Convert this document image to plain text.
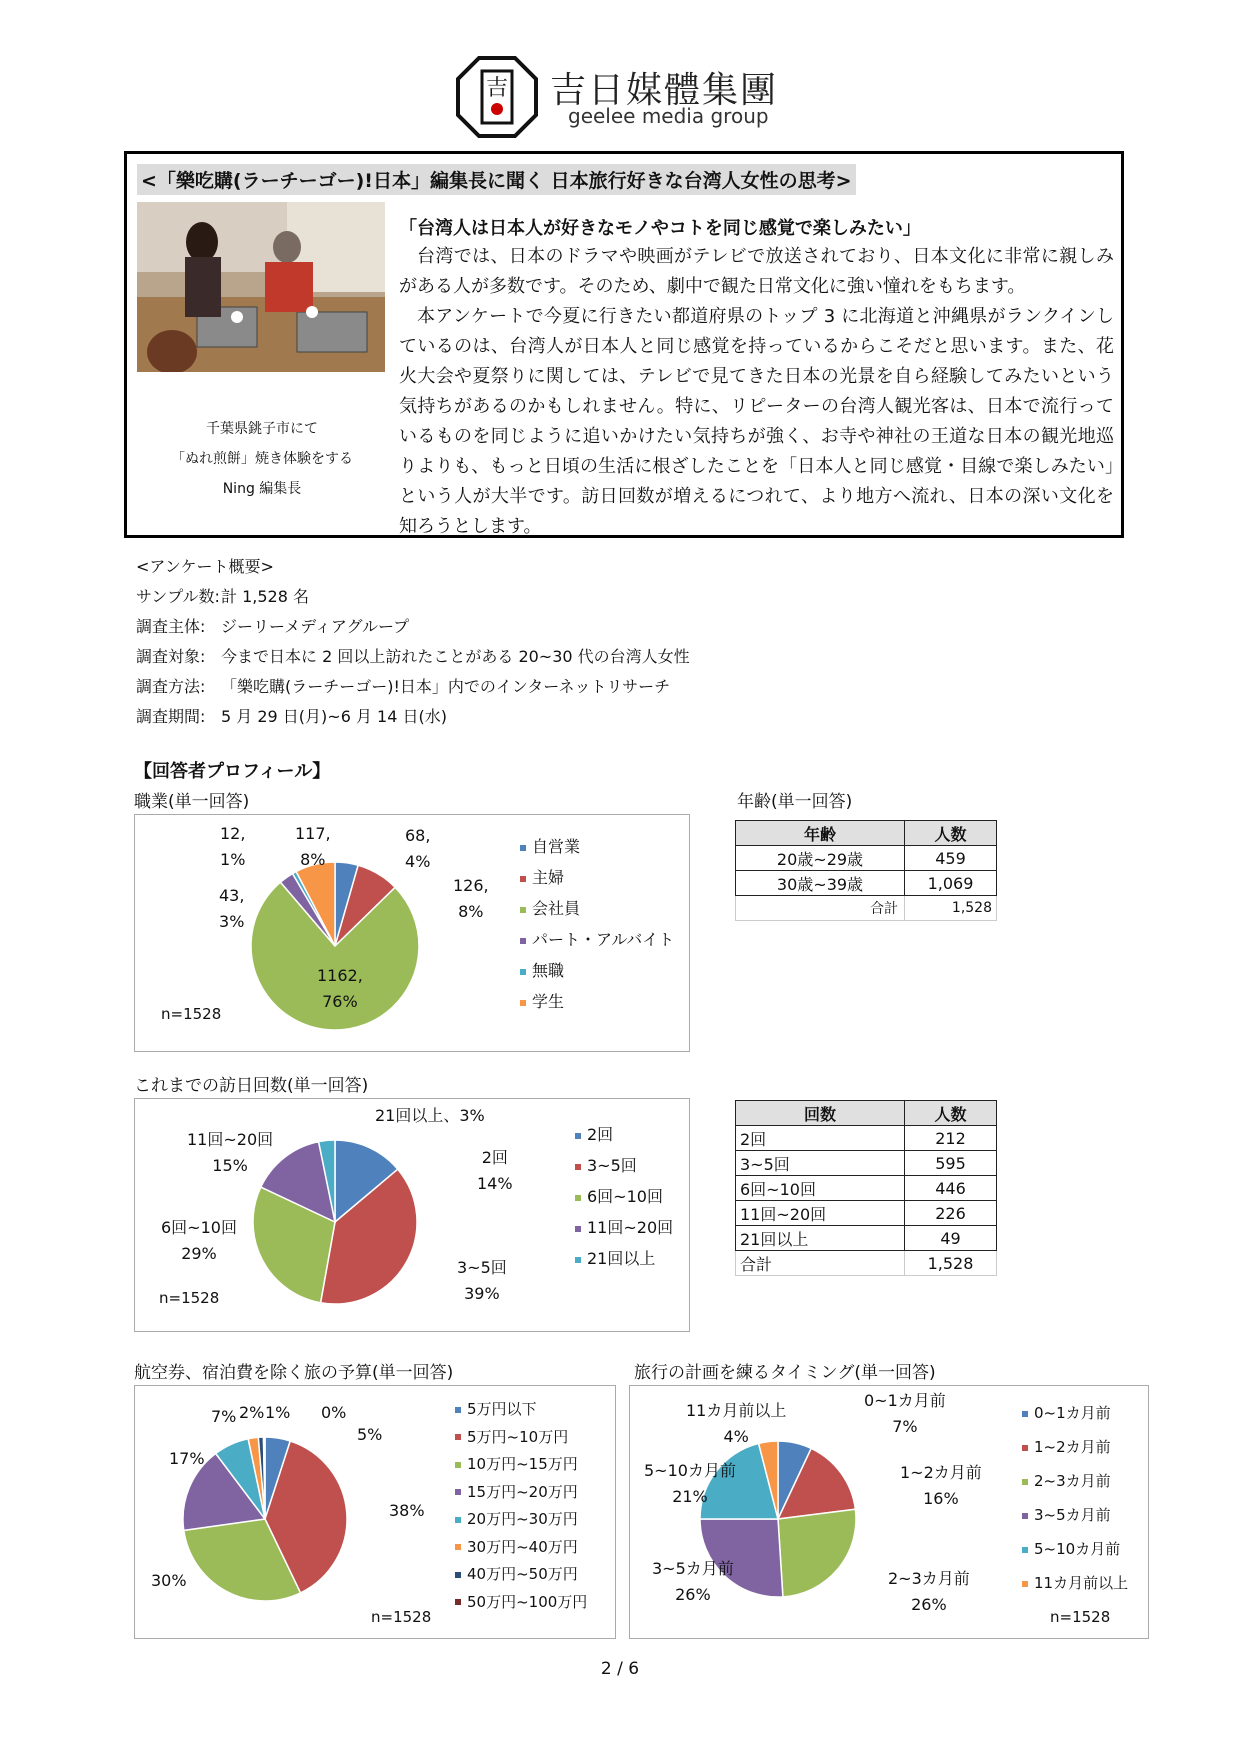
吉 吉日媒體集團
geelee media group
<「樂吃購(ラーチーゴー)!日本」編集長に聞く 日本旅行好きな台湾人女性の思考>
千葉県銚子市にて
「ぬれ煎餅」焼き体験をする
Ning 編集長
「台湾人は日本人が好きなモノやコトを同じ感覚で楽しみたい」

台湾では、日本のドラマや映画がテレビで放送されており、日本文化に非常に親しみがある人が多数です。そのため、劇中で観た日常文化に強い憧れをもちます。

本アンケートで今夏に行きたい都道府県のトップ 3 に北海道と沖縄県がランクインしているのは、台湾人が日本人と同じ感覚を持っているからこそだと思います。また、花火大会や夏祭りに関しては、テレビで見てきた日本の光景を自ら経験してみたいという気持ちがあるのかもしれません。特に、リピーターの台湾人観光客は、日本で流行っているものを同じように追いかけたい気持ちが強く、お寺や神社の王道な日本の観光地巡りよりも、もっと日頃の生活に根ざしたことを「日本人と同じ感覚・目線で楽しみたい」という人が大半です。訪日回数が増えるにつれて、より地方へ流れ、日本の深い文化を知ろうとします。

<アンケート概要>
サンプル数:計 1,528 名
調査主体: ジーリーメディアグループ
調査対象: 今まで日本に 2 回以上訪れたことがある 20~30 代の台湾人女性
調査方法: 「樂吃購(ラーチーゴー)!日本」内でのインターネットリサーチ
調査期間: 5 月 29 日(月)~6 月 14 日(水)
【回答者プロフィール】
職業(単一回答)
12,
1%
117,
8%
68,
4%
126,
8%
43,
3%
1162,
76%
n=1528
自営業
主婦
会社員
パート・アルバイト
無職
学生
年齢(単一回答)
年齢	人数
20歳~29歳	459
30歳~39歳	1,069
合計	1,528
これまでの訪日回数(単一回答)
21回以上、3%
11回~20回
15%	2回
14%
6回~10回
29%
3~5回
39%
n=1528
2回
3~5回
6回~10回
11回~20回
21回以上
回数	人数
2回	212
3~5回	595
6回~10回	446
11回~20回	226
21回以上	49
合計	1,528
航空券、宿泊費を除く旅の予算(単一回答)
7% 2% 1% 0%
5%
17%
38%
30%
n=1528
5万円以下
5万円~10万円
10万円~15万円
15万円~20万円
20万円~30万円
30万円~40万円
40万円~50万円
50万円~100万円
旅行の計画を練るタイミング(単一回答)
11カ月前以上
4%
0~1カ月前
7%
5~10カ月前
21%
1~2カ月前
16%
3~5カ月前
26%
2~3カ月前
26%
n=1528
0~1カ月前
1~2カ月前
2~3カ月前
3~5カ月前
5~10カ月前
11カ月前以上
2 / 6
